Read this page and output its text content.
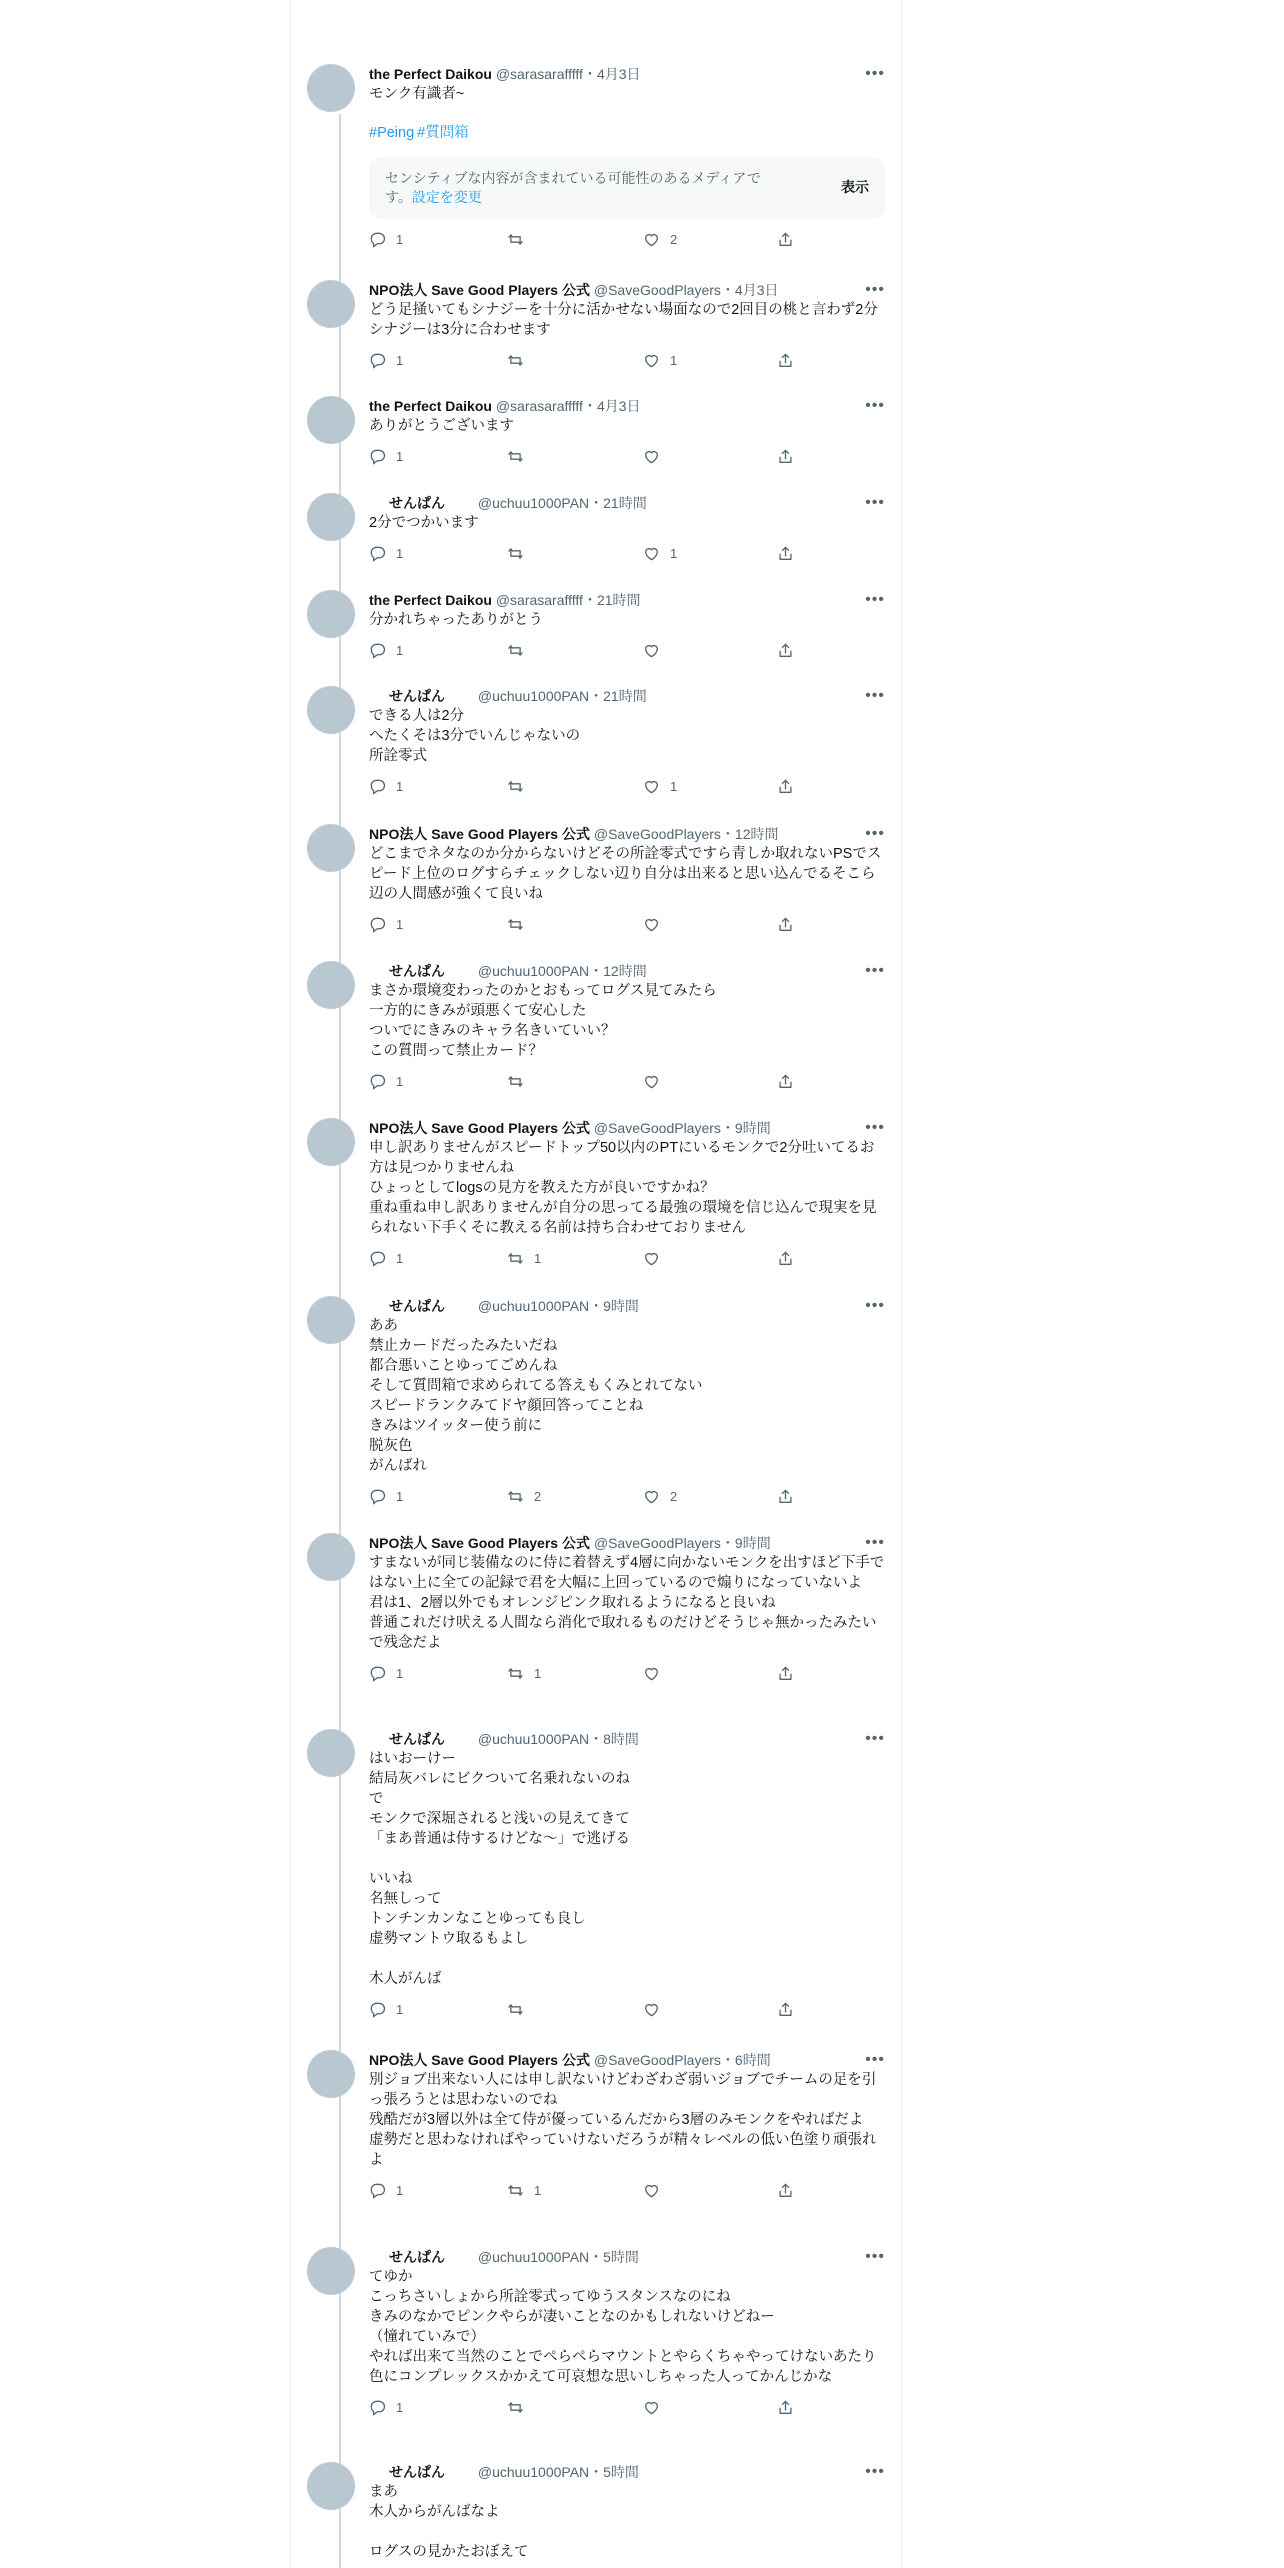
the Perfect Daikou @sarasarafffff・4月3日	•••
モンク有識者~
#Peing #質問箱
センシティブな内容が含まれている可能性のあるメディアです。設定を変更
表示
1	2
NPO法人 Save Good Players 公式 @SaveGoodPlayers・4月3日	•••
どう足掻いてもシナジーを十分に活かせない場面なので2回目の桃と言わず2分シナジーは3分に合わせます
1	1
the Perfect Daikou @sarasarafffff・4月3日	•••
ありがとうございます
1
せんぱん @uchuu1000PAN・21時間	•••
2分でつかいます
1	1
the Perfect Daikou @sarasarafffff・21時間	•••
分かれちゃったありがとう
1
せんぱん @uchuu1000PAN・21時間	•••
できる人は2分
へたくそは3分でいんじゃないの
所詮零式
1	1
NPO法人 Save Good Players 公式 @SaveGoodPlayers・12時間	•••
どこまでネタなのか分からないけどその所詮零式ですら青しか取れないPSでスピード上位のログすらチェックしない辺り自分は出来ると思い込んでるそこら辺の人間感が強くて良いね
1
せんぱん @uchuu1000PAN・12時間	•••
まさか環境変わったのかとおもってログス見てみたら
一方的にきみが頭悪くて安心した
ついでにきみのキャラ名きいていい？
この質問って禁止カード？
1
NPO法人 Save Good Players 公式 @SaveGoodPlayers・9時間	•••
申し訳ありませんがスピードトップ50以内のPTにいるモンクで2分吐いてるお方は見つかりませんね
ひょっとしてlogsの見方を教えた方が良いですかね？
重ね重ね申し訳ありませんが自分の思ってる最強の環境を信じ込んで現実を見られない下手くそに教える名前は持ち合わせておりません
1	1
せんぱん @uchuu1000PAN・9時間	•••
ああ
禁止カードだったみたいだね
都合悪いことゆってごめんね
そして質問箱で求められてる答えもくみとれてない
スピードランクみてドヤ顔回答ってことね
きみはツイッター使う前に
脱灰色
がんばれ
1	2	2
NPO法人 Save Good Players 公式 @SaveGoodPlayers・9時間	•••
すまないが同じ装備なのに侍に着替えず4層に向かないモンクを出すほど下手ではない上に全ての記録で君を大幅に上回っているので煽りになっていないよ
君は1、2層以外でもオレンジピンク取れるようになると良いね
普通これだけ吠える人間なら消化で取れるものだけどそうじゃ無かったみたいで残念だよ
1	1
せんぱん @uchuu1000PAN・8時間	•••
はいおーけー
結局灰バレにビクついて名乗れないのね
で
モンクで深堀されると浅いの見えてきて
「まあ普通は侍するけどな～」で逃げる

いいね
名無しって
トンチンカンなことゆっても良し
虚勢マントウ取るもよし

木人がんば
1
NPO法人 Save Good Players 公式 @SaveGoodPlayers・6時間	•••
別ジョブ出来ない人には申し訳ないけどわざわざ弱いジョブでチームの足を引っ張ろうとは思わないのでね
残酷だが3層以外は全て侍が優っているんだから3層のみモンクをやればだよ
虚勢だと思わなければやっていけないだろうが精々レベルの低い色塗り頑張れよ
1	1
せんぱん @uchuu1000PAN・5時間	•••
てゆか
こっちさいしょから所詮零式ってゆうスタンスなのにね
きみのなかでピンクやらが凄いことなのかもしれないけどねー
（憧れていみで）
やれば出来て当然のことでぺらぺらマウントとやらくちゃやってけないあたり
色にコンプレックスかかえて可哀想な思いしちゃった人ってかんじかな
1
せんぱん @uchuu1000PAN・5時間	•••
まあ
木人からがんばなよ

ログスの見かたおぼえて
